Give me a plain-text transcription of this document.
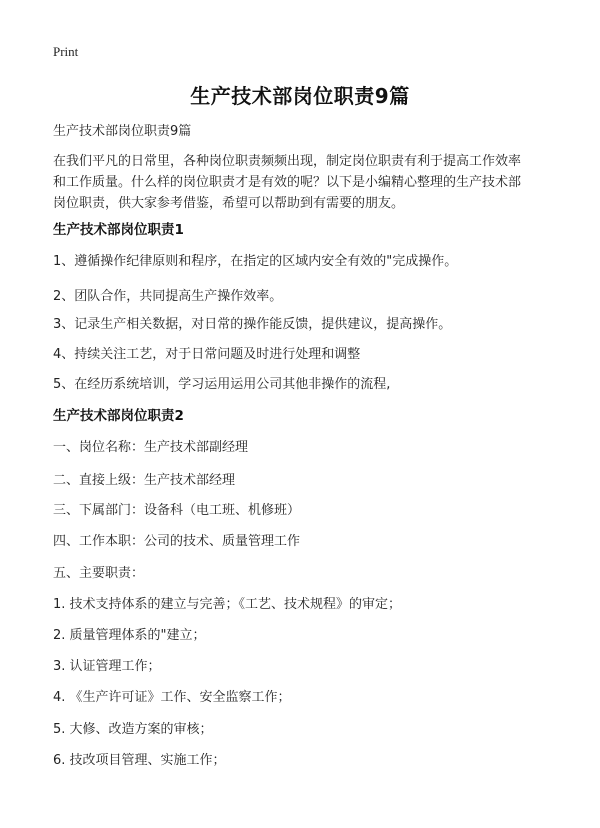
Print
生产技术部岗位职责9篇
生产技术部岗位职责9篇
在我们平凡的日常里，各种岗位职责频频出现，制定岗位职责有利于提高工作效率
和工作质量。什么样的岗位职责才是有效的呢？以下是小编精心整理的生产技术部
岗位职责，供大家参考借鉴，希望可以帮助到有需要的朋友。
生产技术部岗位职责1
1、遵循操作纪律原则和程序，在指定的区域内安全有效的"完成操作。
2、团队合作，共同提高生产操作效率。
3、记录生产相关数据，对日常的操作能反馈，提供建议，提高操作。
4、持续关注工艺，对于日常问题及时进行处理和调整
5、在经历系统培训，学习运用运用公司其他非操作的流程,
生产技术部岗位职责2
一、岗位名称：生产技术部副经理
二、直接上级：生产技术部经理
三、下属部门：设备科（电工班、机修班）
四、工作本职：公司的技术、质量管理工作
五、主要职责：
1. 技术支持体系的建立与完善；《工艺、技术规程》的审定；
2. 质量管理体系的"建立；
3. 认证管理工作；
4. 《生产许可证》工作、安全监察工作；
5. 大修、改造方案的审核；
6. 技改项目管理、实施工作；
